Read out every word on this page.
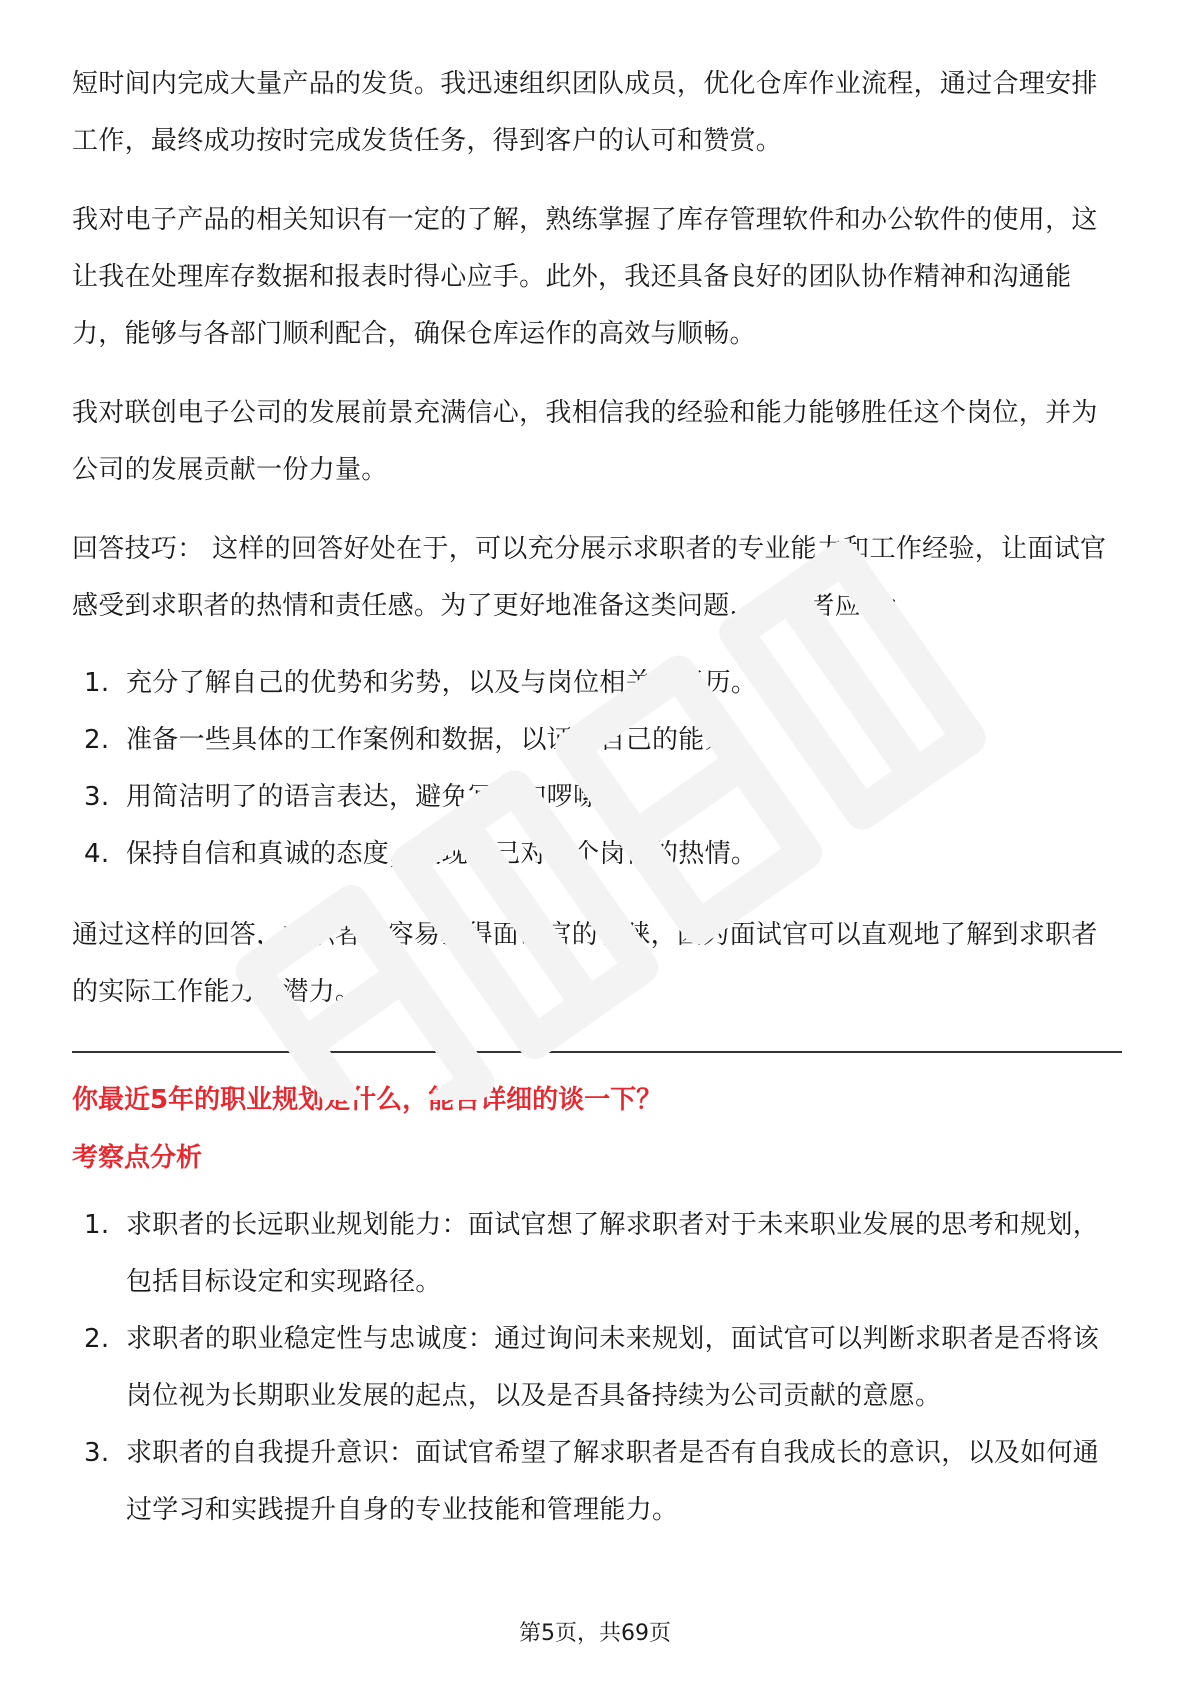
短时间内完成大量产品的发货。我迅速组织团队成员，优化仓库作业流程，通过合理安排工作，最终成功按时完成发货任务，得到客户的认可和赞赏。

我对电子产品的相关知识有一定的了解，熟练掌握了库存管理软件和办公软件的使用，这让我在处理库存数据和报表时得心应手。此外，我还具备良好的团队协作精神和沟通能力，能够与各部门顺利配合，确保仓库运作的高效与顺畅。

我对联创电子公司的发展前景充满信心，我相信我的经验和能力能够胜任这个岗位，并为公司的发展贡献一份力量。

回答技巧： 这样的回答好处在于，可以充分展示求职者的专业能力和工作经验，让面试官感受到求职者的热情和责任感。为了更好地准备这类问题，求职者应该：

1. 充分了解自己的优势和劣势，以及与岗位相关的经历。
2. 准备一些具体的工作案例和数据，以证明自己的能力。
3. 用简洁明了的语言表达，避免冗长和啰嗦。
4. 保持自信和真诚的态度，展现自己对这个岗位的热情。

通过这样的回答，求职者更容易获得面试官的青睐，因为面试官可以直观地了解到求职者的实际工作能力和潜力。

你最近5年的职业规划是什么，能否详细的谈一下？

考察点分析

1. 求职者的长远职业规划能力：面试官想了解求职者对于未来职业发展的思考和规划，包括目标设定和实现路径。
2. 求职者的职业稳定性与忠诚度：通过询问未来规划，面试官可以判断求职者是否将该岗位视为长期职业发展的起点，以及是否具备持续为公司贡献的意愿。
3. 求职者的自我提升意识：面试官希望了解求职者是否有自我成长的意识，以及如何通过学习和实践提升自身的专业技能和管理能力。
第5页，共69页
